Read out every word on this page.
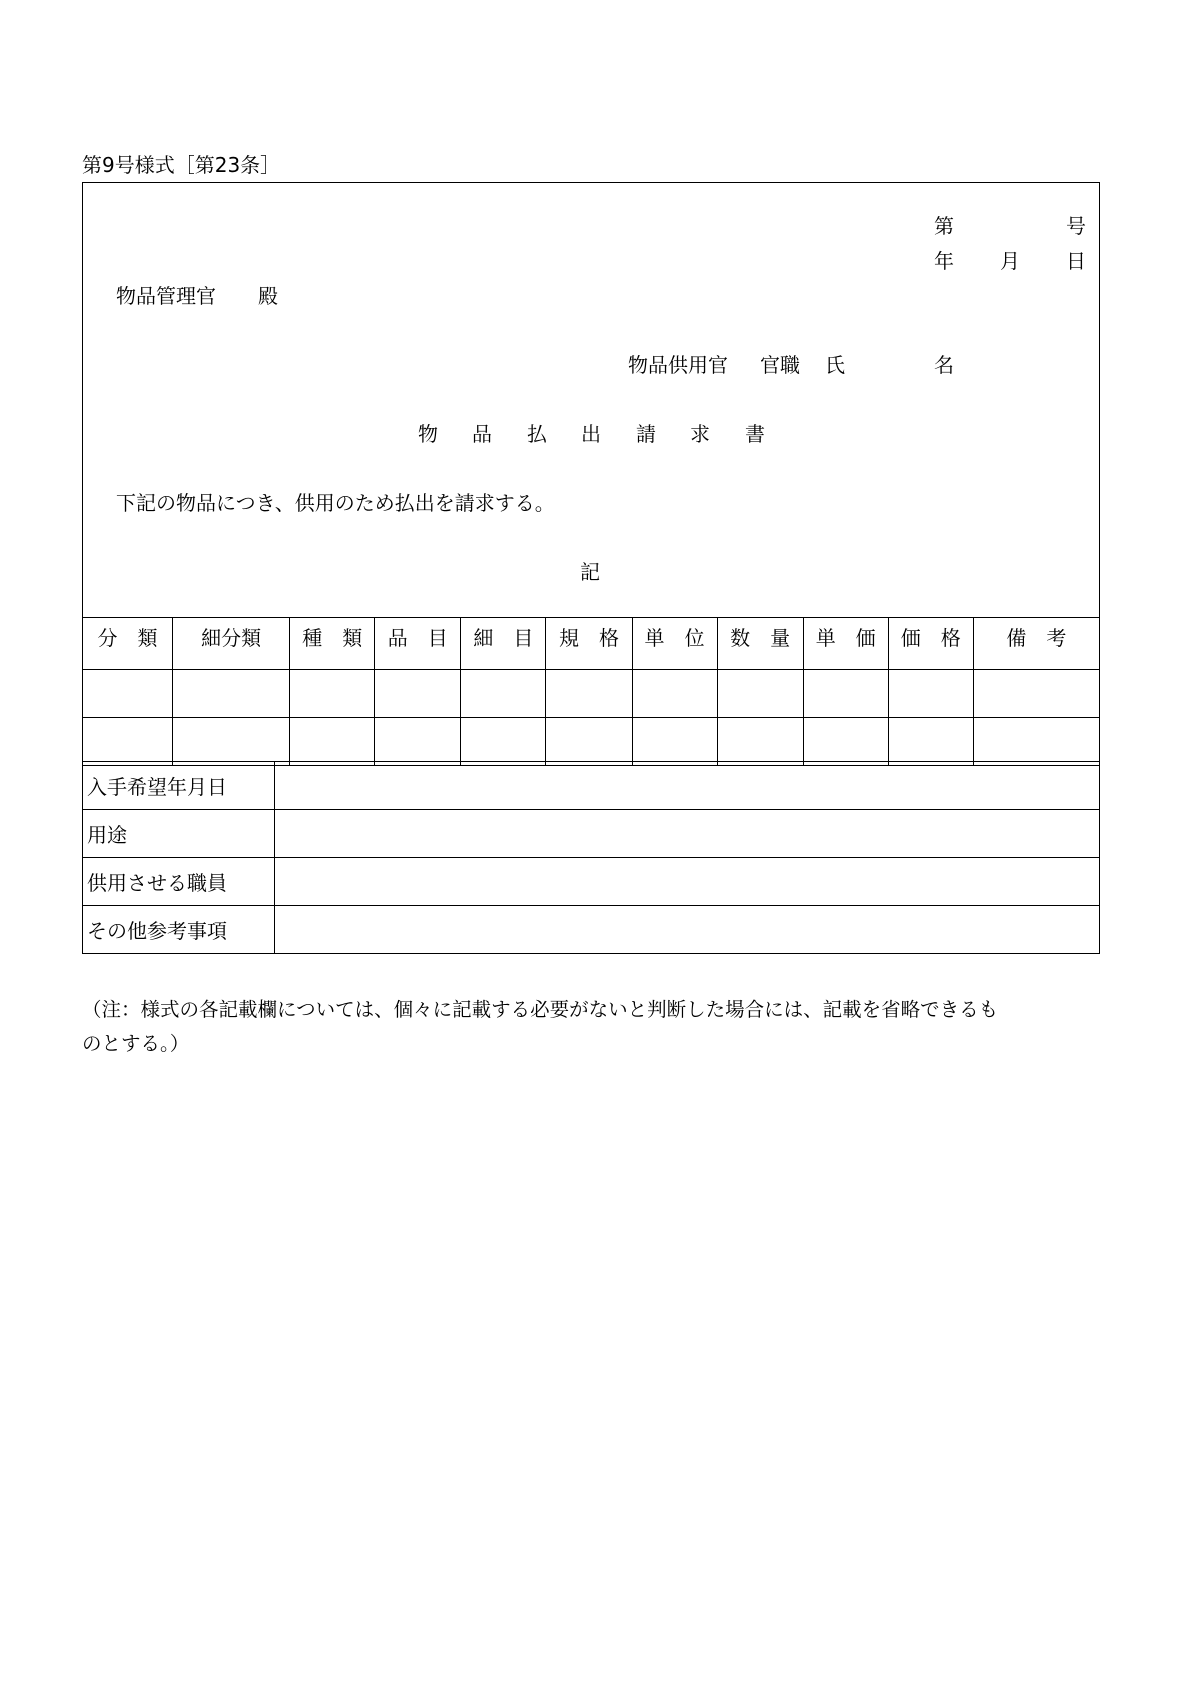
第9号様式［第23条］
第	号
年 月 日
物品管理官 殿
物品供用官 官職 氏	名
物 品 払 出 請 求 書
下記の物品につき、供用のため払出を請求する。
記
分　類	細分類	種　類	品　目	細　目	規　格	単　位	数　量	単　価	価　格	備　考

入手希望年月日	
用途	
供用させる職員	
その他参考事項	
（注：様式の各記載欄については、個々に記載する必要がないと判断した場合には、記載を省略できるも
のとする。）
